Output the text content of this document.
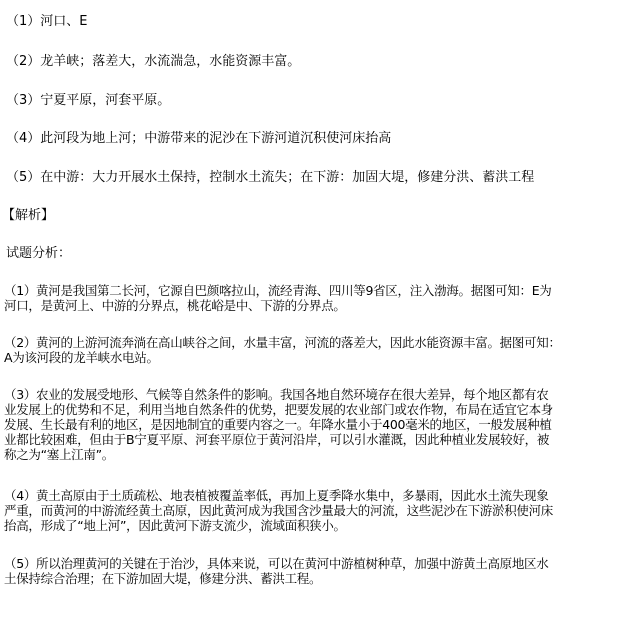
（1）河口、E
（2）龙羊峡；落差大，水流湍急，水能资源丰富。
（3）宁夏平原，河套平原。
（4）此河段为地上河；中游带来的泥沙在下游河道沉积使河床抬高
（5）在中游：大力开展水土保持，控制水土流失；在下游：加固大堤，修建分洪、蓄洪工程
【解析】
试题分析：
（1）黄河是我国第二长河，它源自巴颜喀拉山，流经青海、四川等9省区，注入渤海。据图可知：E为
河口，是黄河上、中游的分界点，桃花峪是中、下游的分界点。
（2）黄河的上游河流奔淌在高山峡谷之间，水量丰富，河流的落差大，因此水能资源丰富。据图可知：
A为该河段的龙羊峡水电站。
（3）农业的发展受地形、气候等自然条件的影响。我国各地自然环境存在很大差异，每个地区都有农
业发展上的优势和不足，利用当地自然条件的优势，把要发展的农业部门或农作物，布局在适宜它本身
发展、生长最有利的地区，是因地制宜的重要内容之一。年降水量小于400毫米的地区，一般发展种植
业都比较困难，但由于B宁夏平原、河套平原位于黄河沿岸，可以引水灌溉，因此种植业发展较好，被
称之为“塞上江南”。
（4）黄土高原由于土质疏松、地表植被覆盖率低，再加上夏季降水集中，多暴雨，因此水土流失现象
严重，而黄河的中游流经黄土高原，因此黄河成为我国含沙量最大的河流，这些泥沙在下游淤积使河床
抬高，形成了“地上河”，因此黄河下游支流少，流域面积狭小。
（5）所以治理黄河的关键在于治沙，具体来说，可以在黄河中游植树种草，加强中游黄土高原地区水
土保持综合治理；在下游加固大堤，修建分洪、蓄洪工程。
